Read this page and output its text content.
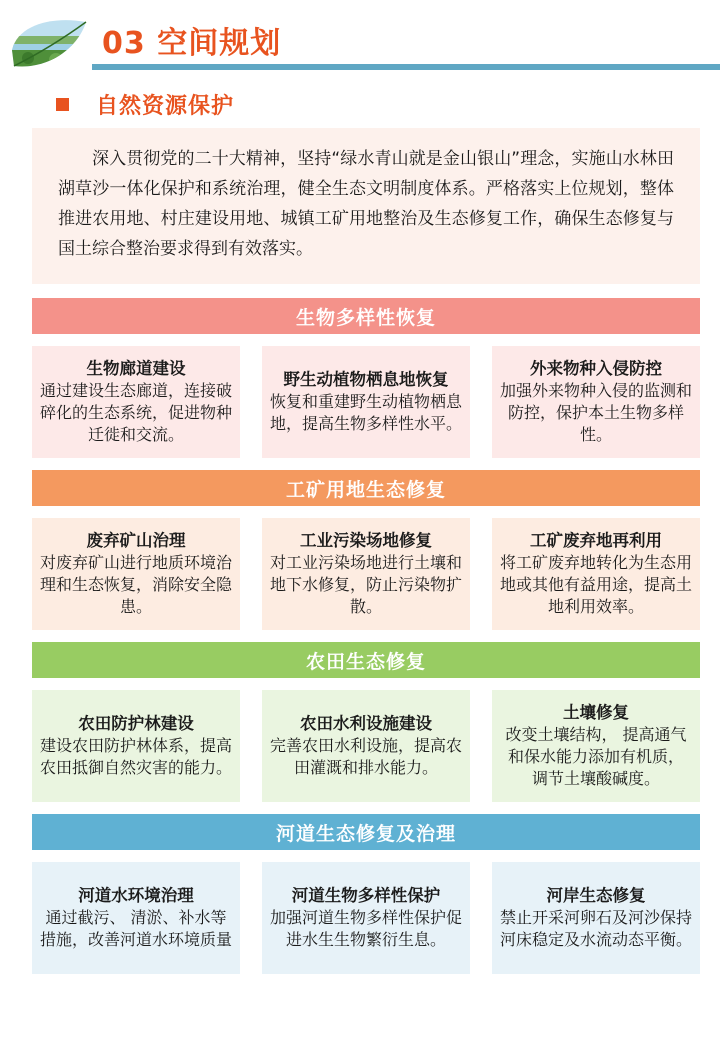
03 空间规划
自然资源保护
深入贯彻党的二十大精神，坚持“绿水青山就是金山银山”理念，实施山水林田湖草沙一体化保护和系统治理，健全生态文明制度体系。严格落实上位规划，整体推进农用地、村庄建设用地、城镇工矿用地整治及生态修复工作，确保生态修复与国土综合整治要求得到有效落实。
生物多样性恢复
生物廊道建设
通过建设生态廊道，连接破碎化的生态系统，促进物种迁徙和交流。
野生动植物栖息地恢复
恢复和重建野生动植物栖息地，提高生物多样性水平。
外来物种入侵防控
加强外来物种入侵的监测和防控，保护本土生物多样性。
工矿用地生态修复
废弃矿山治理
对废弃矿山进行地质环境治理和生态恢复，消除安全隐患。
工业污染场地修复
对工业污染场地进行土壤和地下水修复，防止污染物扩散。
工矿废弃地再利用
将工矿废弃地转化为生态用地或其他有益用途，提高土地利用效率。
农田生态修复
农田防护林建设
建设农田防护林体系，提高农田抵御自然灾害的能力。
农田水利设施建设
完善农田水利设施，提高农田灌溉和排水能力。
土壤修复
改变土壤结构， 提高通气和保水能力添加有机质， 调节土壤酸碱度。
河道生态修复及治理
河道水环境治理
通过截污、 清淤、补水等措施，改善河道水环境质量
河道生物多样性保护
加强河道生物多样性保护促进水生生物繁衍生息。
河岸生态修复
禁止开采河卵石及河沙保持河床稳定及水流动态平衡。
